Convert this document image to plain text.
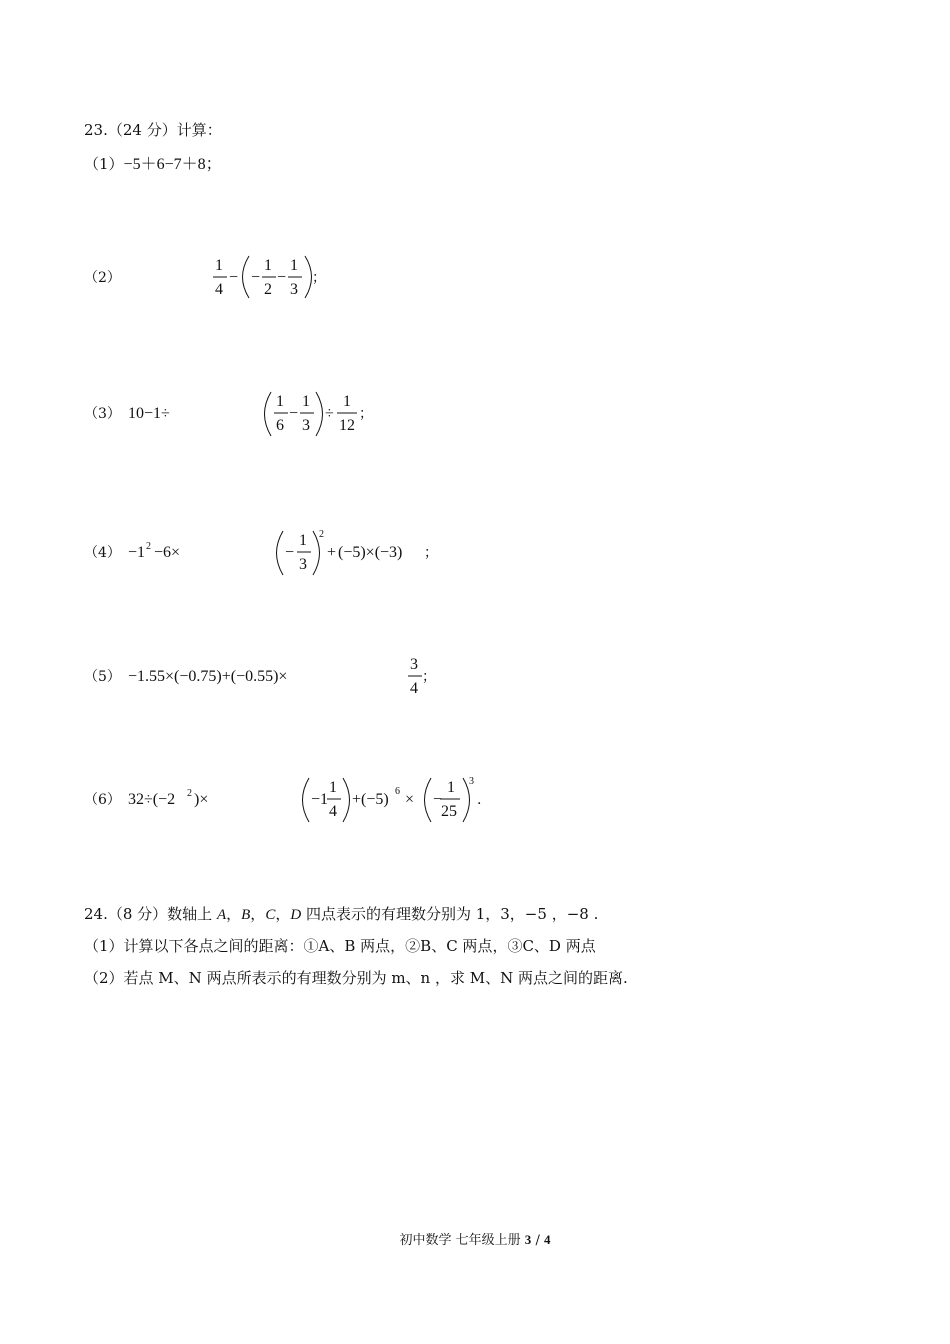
23.（24 分）计算：
（1）−5＋6−7＋8；
（2）
1
4
− −
1
2
−
1
3
；
（3） 10−1÷
1
6
−
1
3
÷
1
12
；
（4） −1 2 −6×	−
1
3
2
+ (−5)×(−3) ；
（5） −1.55×(−0.75)+(−0.55)×
3
4
；
（6） 32÷(−2 2 )×	−1
1
4
+(−5) 6 × −
1
25
3
.
24.（8 分）数轴上 A，B，C，D 四点表示的有理数分别为 1，3，−5 ，−8 .
（1）计算以下各点之间的距离：①A、B 两点，②B、C 两点，③C、D 两点
（2）若点 M、N 两点所表示的有理数分别为 m、n ，求 M、N 两点之间的距离.
初中数学 七年级上册 3 / 4
